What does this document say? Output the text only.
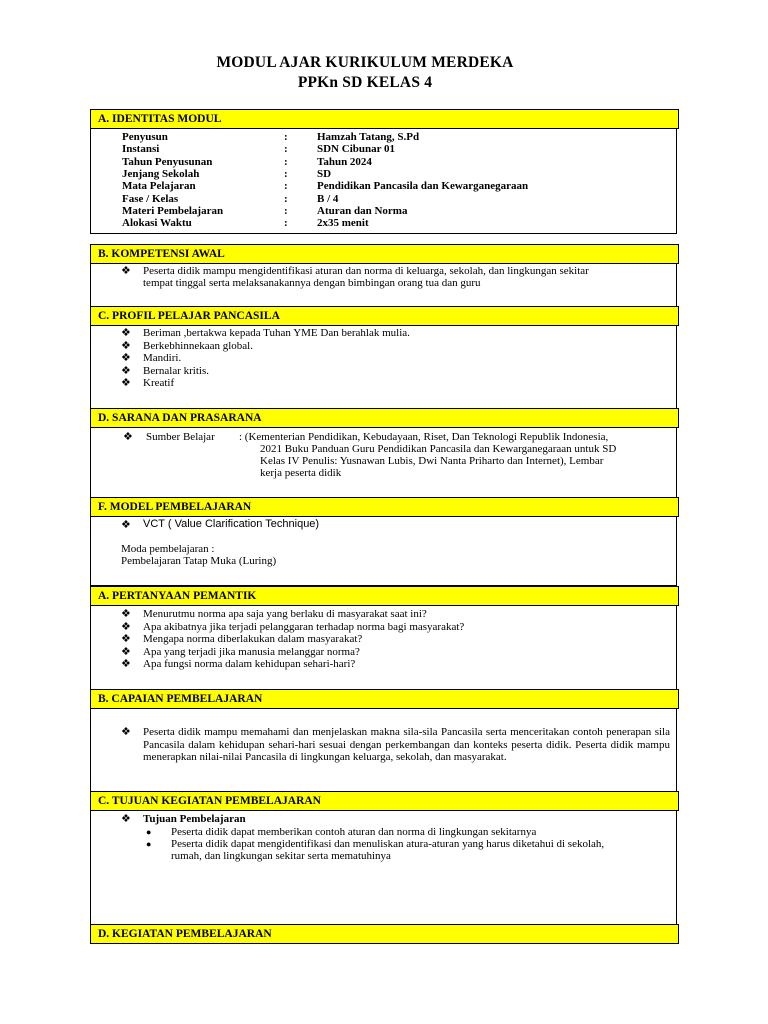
MODUL AJAR KURIKULUM MERDEKA
PPKn SD KELAS 4
A. IDENTITAS MODUL
Penyusun	:	Hamzah Tatang, S.Pd
Instansi	:	SDN Cibunar 01
Tahun Penyusunan	:	Tahun 2024
Jenjang Sekolah	:	SD
Mata Pelajaran	:	Pendidikan Pancasila dan Kewarganegaraan
Fase / Kelas	:	B / 4
Materi Pembelajaran	:	Aturan dan Norma
Alokasi Waktu	:	2x35 menit
B. KOMPETENSI AWAL
❖ Peserta didik mampu mengidentifikasi aturan dan norma di keluarga, sekolah, dan lingkungan sekitar
tempat tinggal serta melaksanakannya dengan bimbingan orang tua dan guru
C. PROFIL PELAJAR PANCASILA
❖ Beriman ,bertakwa kepada Tuhan YME Dan berahlak mulia.
❖ Berkebhinnekaan global.
❖ Mandiri.
❖ Bernalar kritis.
❖ Kreatif
D. SARANA DAN PRASARANA
❖ Sumber Belajar : (Kementerian Pendidikan, Kebudayaan, Riset, Dan Teknologi Republik Indonesia,
2021 Buku Panduan Guru Pendidikan Pancasila dan Kewarganegaraan untuk SD
Kelas IV Penulis: Yusnawan Lubis, Dwi Nanta Priharto dan Internet), Lembar
kerja peserta didik
F. MODEL PEMBELAJARAN
❖ VCT ( Value Clarification Technique)
Moda pembelajaran :
Pembelajaran Tatap Muka (Luring)
A. PERTANYAAN PEMANTIK
❖ Menurutmu norma apa saja yang berlaku di masyarakat saat ini?
❖ Apa akibatnya jika terjadi pelanggaran terhadap norma bagi masyarakat?
❖ Mengapa norma diberlakukan dalam masyarakat?
❖ Apa yang terjadi jika manusia melanggar norma?
❖ Apa fungsi norma dalam kehidupan sehari-hari?
B. CAPAIAN PEMBELAJARAN
❖ Peserta didik mampu memahami dan menjelaskan makna sila-sila Pancasila serta menceritakan contoh penerapan sila Pancasila dalam kehidupan sehari-hari sesuai dengan perkembangan dan konteks peserta didik. Peserta didik mampu menerapkan nilai-nilai Pancasila di lingkungan keluarga, sekolah, dan masyarakat.
C. TUJUAN KEGIATAN PEMBELAJARAN
❖ Tujuan Pembelajaran
● Peserta didik dapat memberikan contoh aturan dan norma di lingkungan sekitarnya
● Peserta didik dapat mengidentifikasi dan menuliskan atura-aturan yang harus diketahui di sekolah,
rumah, dan lingkungan sekitar serta mematuhinya
D. KEGIATAN PEMBELAJARAN
